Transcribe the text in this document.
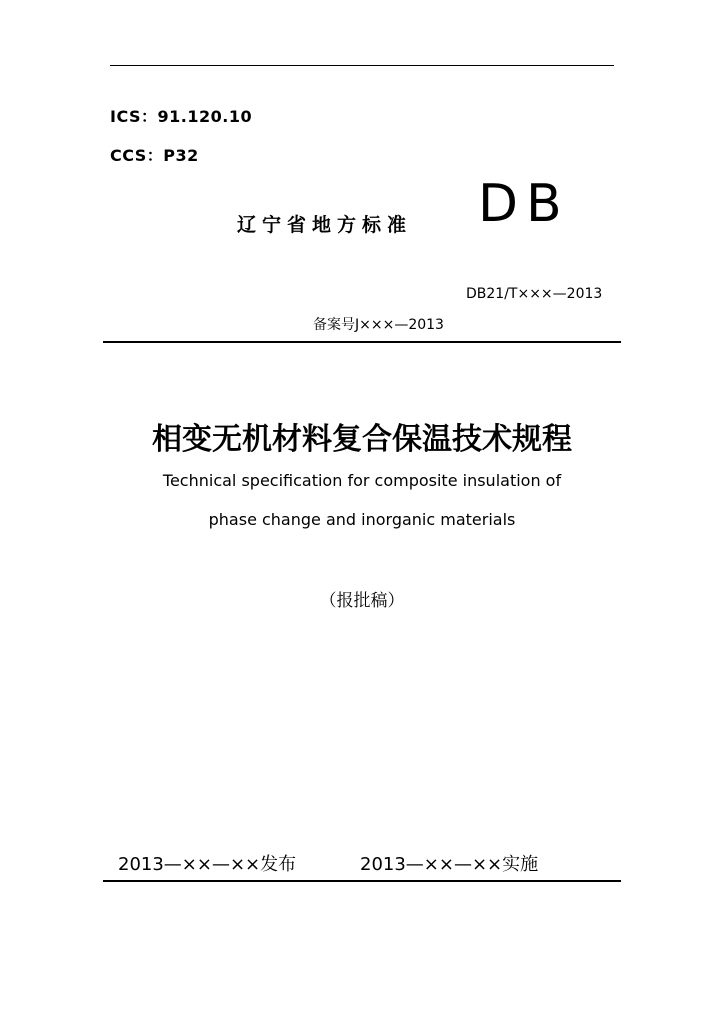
ICS：91.120.10
CCS：P32
辽宁省地方标准 DB
DB21/T×××—2013
备案号J×××—2013
相变无机材料复合保温技术规程
Technical specification for composite insulation of
phase change and inorganic materials
（报批稿）
2013—××—××发布	2013—××—××实施
